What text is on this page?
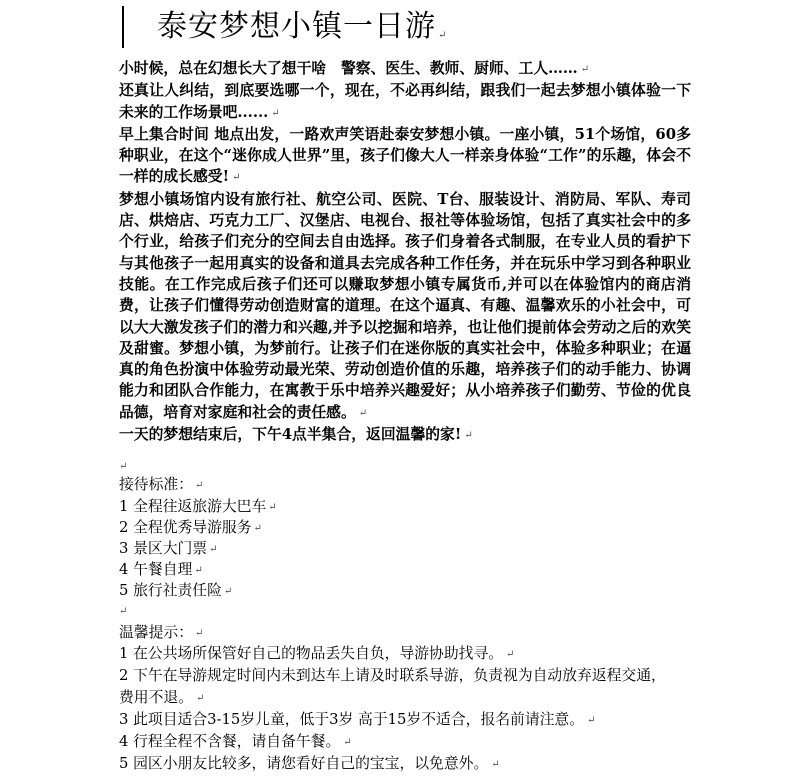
泰安梦想小镇一日游 ↵

小时候，总在幻想长大了想干啥　警察、医生、教师、厨师、工人…… ↵

还真让人纠结，到底要选哪一个，现在，不必再纠结，跟我们一起去梦想小镇体验一下未来的工作场景吧...... ↵

早上集合时间 地点出发，一路欢声笑语赴泰安梦想小镇。一座小镇，51个场馆，60多种职业，在这个“迷你成人世界”里，孩子们像大人一样亲身体验“工作”的乐趣，体会不一样的成长感受! ↵

梦想小镇场馆内设有旅行社、航空公司、医院、T台、服装设计、消防局、军队、寿司店、烘焙店、巧克力工厂、汉堡店、电视台、报社等体验场馆，包括了真实社会中的多个行业，给孩子们充分的空间去自由选择。孩子们身着各式制服，在专业人员的看护下与其他孩子一起用真实的设备和道具去完成各种工作任务，并在玩乐中学习到各种职业技能。在工作完成后孩子们还可以赚取梦想小镇专属货币,并可以在体验馆内的商店消费，让孩子们懂得劳动创造财富的道理。在这个逼真、有趣、温馨欢乐的小社会中，可以大大激发孩子们的潜力和兴趣,并予以挖掘和培养，也让他们提前体会劳动之后的欢笑及甜蜜。梦想小镇，为梦前行。让孩子们在迷你版的真实社会中，体验多种职业；在逼真的角色扮演中体验劳动最光荣、劳动创造价值的乐趣，培养孩子们的动手能力、协调能力和团队合作能力，在寓教于乐中培养兴趣爱好；从小培养孩子们勤劳、节俭的优良品德，培育对家庭和社会的责任感。 ↵

一天的梦想结束后，下午4点半集合，返回温馨的家! ↵

↵
接待标准： ↵
1 全程往返旅游大巴车 ↵
2 全程优秀导游服务 ↵
3 景区大门票 ↵
4 午餐自理 ↵
5 旅行社责任险 ↵
↵
温馨提示： ↵

1 在公共场所保管好自己的物品丢失自负，导游协助找寻。 ↵

2 下午在导游规定时间内未到达车上请及时联系导游，负责视为自动放弃返程交通，费用不退。 ↵

3 此项目适合3-15岁儿童，低于3岁 高于15岁不适合，报名前请注意。 ↵

4 行程全程不含餐，请自备午餐。 ↵

5 园区小朋友比较多，请您看好自己的宝宝，以免意外。 ↵
